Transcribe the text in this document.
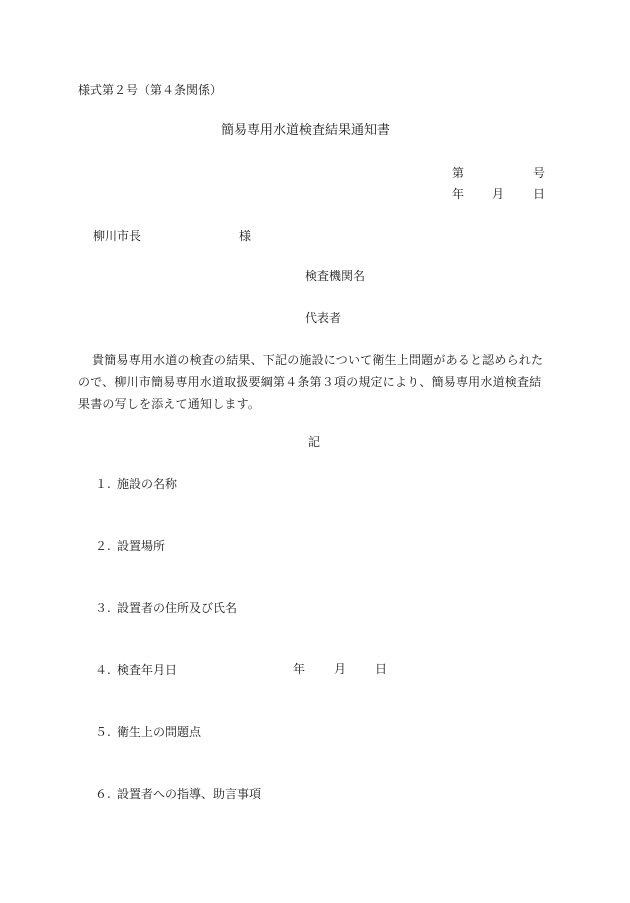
様式第２号（第４条関係）
簡易専用水道検査結果通知書
第	号
年 月 日
柳川市長	様
検査機関名
代表者
貴簡易専用水道の検査の結果、下記の施設について衛生上問題があると認められたので、柳川市簡易専用水道取扱要綱第４条第３項の規定により、簡易専用水道検査結果書の写しを添えて通知します。
記
１. 施設の名称
２. 設置場所
３. 設置者の住所及び氏名
４. 検査年月日
５. 衛生上の問題点
６. 設置者への指導、助言事項
年 月 日
